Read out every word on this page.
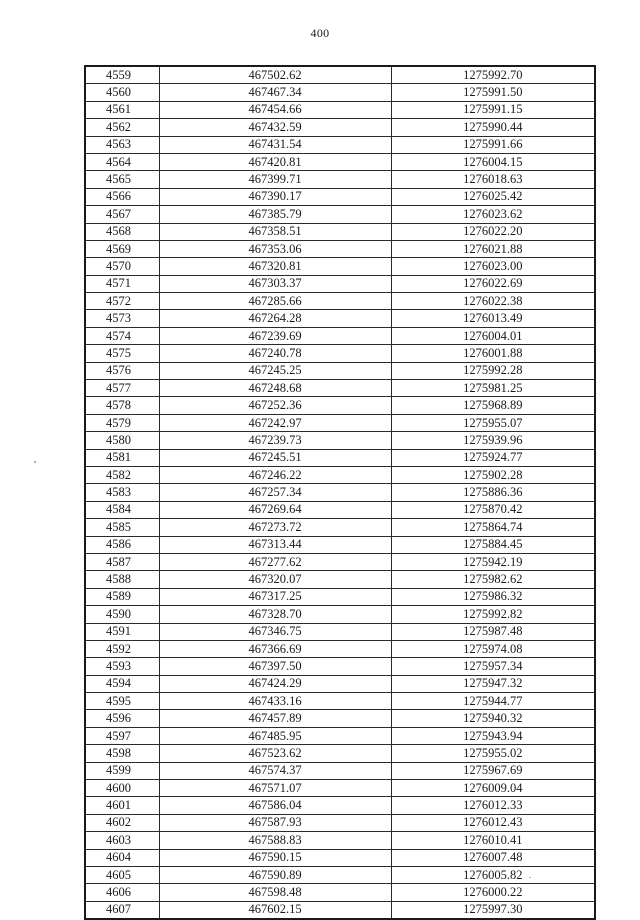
400
4559	467502.62	1275992.70
4560	467467.34	1275991.50
4561	467454.66	1275991.15
4562	467432.59	1275990.44
4563	467431.54	1275991.66
4564	467420.81	1276004.15
4565	467399.71	1276018.63
4566	467390.17	1276025.42
4567	467385.79	1276023.62
4568	467358.51	1276022.20
4569	467353.06	1276021.88
4570	467320.81	1276023.00
4571	467303.37	1276022.69
4572	467285.66	1276022.38
4573	467264.28	1276013.49
4574	467239.69	1276004.01
4575	467240.78	1276001.88
4576	467245.25	1275992.28
4577	467248.68	1275981.25
4578	467252.36	1275968.89
4579	467242.97	1275955.07
4580	467239.73	1275939.96
4581	467245.51	1275924.77
4582	467246.22	1275902.28
4583	467257.34	1275886.36
4584	467269.64	1275870.42
4585	467273.72	1275864.74
4586	467313.44	1275884.45
4587	467277.62	1275942.19
4588	467320.07	1275982.62
4589	467317.25	1275986.32
4590	467328.70	1275992.82
4591	467346.75	1275987.48
4592	467366.69	1275974.08
4593	467397.50	1275957.34
4594	467424.29	1275947.32
4595	467433.16	1275944.77
4596	467457.89	1275940.32
4597	467485.95	1275943.94
4598	467523.62	1275955.02
4599	467574.37	1275967.69
4600	467571.07	1276009.04
4601	467586.04	1276012.33
4602	467587.93	1276012.43
4603	467588.83	1276010.41
4604	467590.15	1276007.48
4605	467590.89	1276005.82
4606	467598.48	1276000.22
4607	467602.15	1275997.30
